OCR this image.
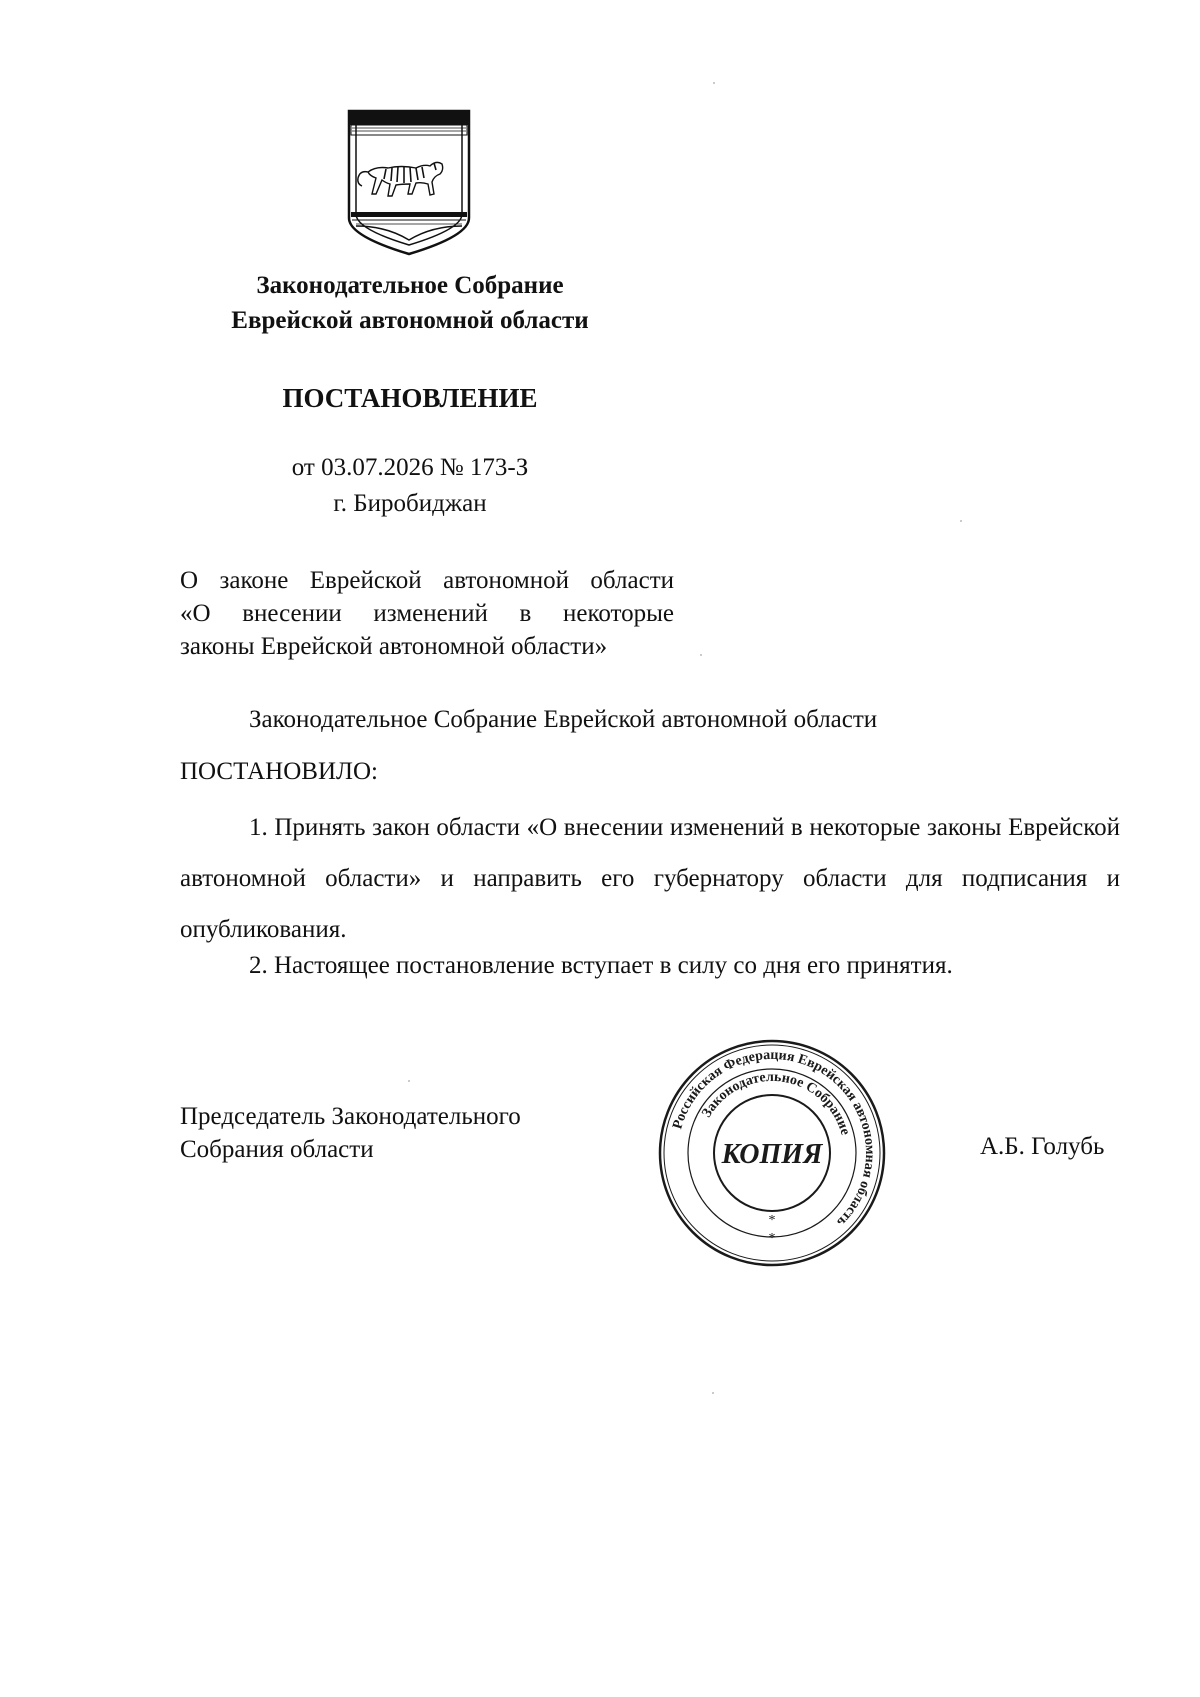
Законодательное Собрание
Еврейской автономной области
ПОСТАНОВЛЕНИЕ
от 03.07.2026 № 173-З
г. Биробиджан
О законе Еврейской автономной области
«О внесении изменений в некоторые
законы Еврейской автономной области»
Законодательное Собрание Еврейской автономной области
ПОСТАНОВИЛО:
1. Принять закон области «О внесении изменений в некоторые законы Еврейской автономной области» и направить его губернатору области для подписания и опубликования.
2. Настоящее постановление вступает в силу со дня его принятия.
Председатель Законодательного
Собрания области	А.Б. Голубь
Российская Федерация Еврейская автономная область
Законодательное Собрание
КОПИЯ
*
*
